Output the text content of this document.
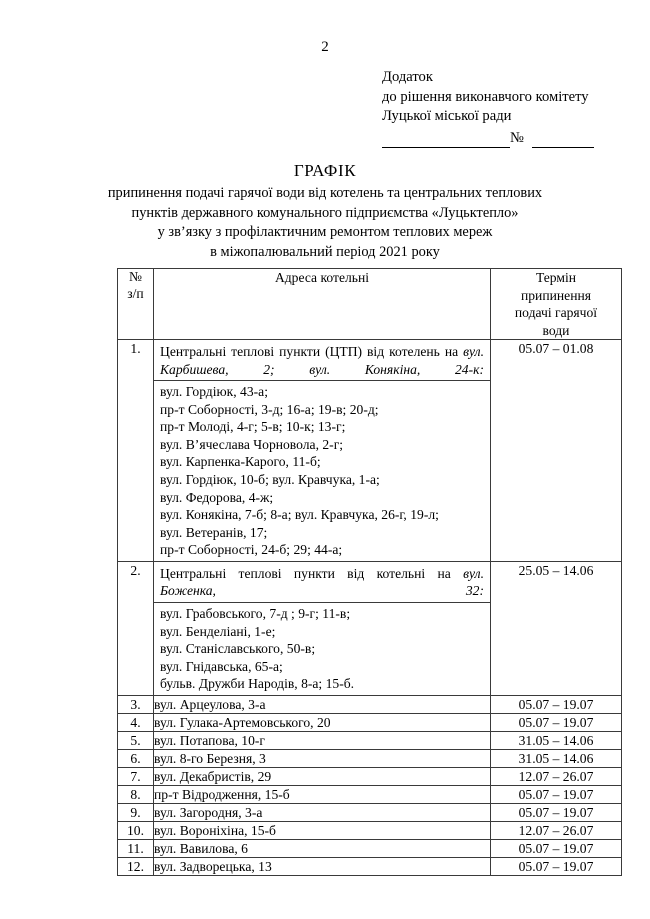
2
Додаток
до рішення виконавчого комітету
Луцької міської ради
№
ГРАФІК
припинення подачі гарячої води від котелень та центральних теплових
пунктів державного комунального підприємства «Луцьктепло»
у зв’язку з профілактичним ремонтом теплових мереж
в міжопалювальний період 2021 року
№
з/п
	Адреса котельні	Термін
припинення
подачі гарячої
води

1.	Центральні теплові пункти (ЦТП) від котелень на вул. Карбишева, 2; вул. Конякіна, 24-к:
вул. Гордіюк, 43-а;
пр-т Соборності, 3-д; 16-а; 19-в; 20-д;
пр-т Молоді, 4-г; 5-в; 10-к; 13-г;
вул. В’ячеслава Чорновола, 2-г;
вул. Карпенка-Карого, 11-б;
вул. Гордіюк, 10-б; вул. Кравчука, 1-а;
вул. Федорова, 4-ж;
вул. Конякіна, 7-б; 8-а; вул. Кравчука, 26-г, 19-л;
вул. Ветеранів, 17;
пр-т Соборності, 24-б; 29; 44-а;
	05.07 – 01.08
2.	Центральні теплові пункти від котельні на вул. Боженка, 32:
вул. Грабовського, 7-д ; 9-г; 11-в;
вул. Бенделіані, 1-е;
вул. Станіславського, 50-в;
вул. Гнідавська, 65-а;
бульв. Дружби Народів, 8-а; 15-б.
	25.05 – 14.06
3.	вул. Арцеулова, 3-а	05.07 – 19.07
4.	вул. Гулака-Артемовського, 20	05.07 – 19.07
5.	вул. Потапова, 10-г	31.05 – 14.06
6.	вул. 8-го Березня, 3	31.05 – 14.06
7.	вул. Декабристів, 29	12.07 – 26.07
8.	пр-т Відродження, 15-б	05.07 – 19.07
9.	вул. Загородня, 3-а	05.07 – 19.07
10.	вул. Вороніхіна, 15-б	12.07 – 26.07
11.	вул. Вавилова, 6	05.07 – 19.07
12.	вул. Задворецька, 13	05.07 – 19.07
